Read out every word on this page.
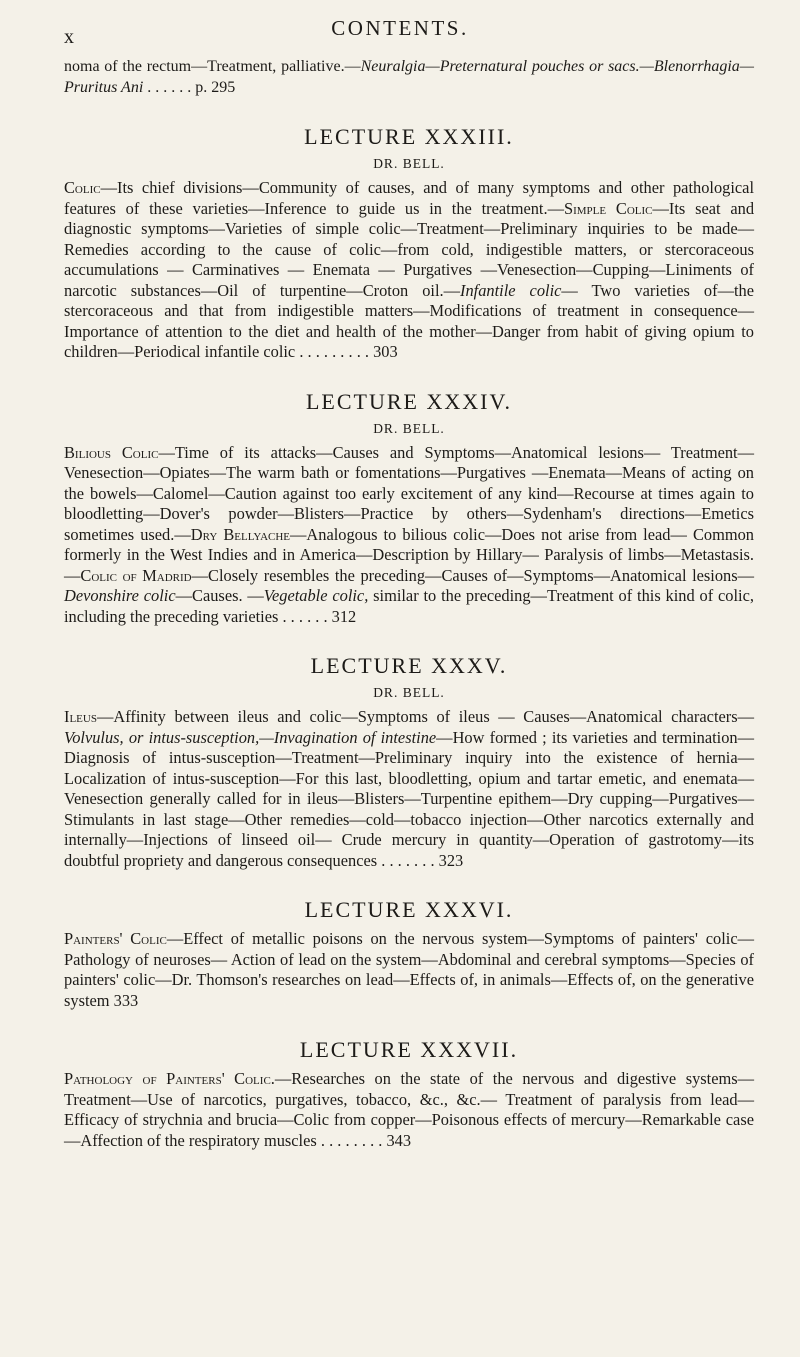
x	CONTENTS.

noma of the rectum—Treatment, palliative.—Neuralgia—Preternatural pouches or sacs.—Blenorrhagia—Pruritus Ani . . . . . . p. 295

LECTURE XXXIII.
DR. BELL.

Colic—Its chief divisions—Community of causes, and of many symptoms and other pathological features of these varieties—Inference to guide us in the treatment.—Simple Colic—Its seat and diagnostic symptoms—Varieties of simple colic—Treatment—Preliminary inquiries to be made—Remedies according to the cause of colic—from cold, indigestible matters, or stercoraceous accumulations — Carminatives — Enemata — Purgatives —Venesection—Cupping—Liniments of narcotic substances—Oil of turpentine—Croton oil.—Infantile colic— Two varieties of—the stercoraceous and that from indigestible matters—Modifications of treatment in consequence—Importance of attention to the diet and health of the mother—Danger from habit of giving opium to children—Periodical infantile colic . . . . . . . . . 303

LECTURE XXXIV.
DR. BELL.

Bilious Colic—Time of its attacks—Causes and Symptoms—Anatomical lesions— Treatment—Venesection—Opiates—The warm bath or fomentations—Purgatives —Enemata—Means of acting on the bowels—Calomel—Caution against too early excitement of any kind—Recourse at times again to bloodletting—Dover's powder—Blisters—Practice by others—Sydenham's directions—Emetics sometimes used.—Dry Bellyache—Analogous to bilious colic—Does not arise from lead— Common formerly in the West Indies and in America—Description by Hillary— Paralysis of limbs—Metastasis.—Colic of Madrid—Closely resembles the preceding—Causes of—Symptoms—Anatomical lesions—Devonshire colic—Causes. —Vegetable colic, similar to the preceding—Treatment of this kind of colic, including the preceding varieties . . . . . . 312

LECTURE XXXV.
DR. BELL.

Ileus—Affinity between ileus and colic—Symptoms of ileus — Causes—Anatomical characters—Volvulus, or intus-susception,—Invagination of intestine—How formed ; its varieties and termination—Diagnosis of intus-susception—Treatment—Preliminary inquiry into the existence of hernia—Localization of intus-susception—For this last, bloodletting, opium and tartar emetic, and enemata— Venesection generally called for in ileus—Blisters—Turpentine epithem—Dry cupping—Purgatives—Stimulants in last stage—Other remedies—cold—tobacco injection—Other narcotics externally and internally—Injections of linseed oil— Crude mercury in quantity—Operation of gastrotomy—its doubtful propriety and dangerous consequences . . . . . . . 323

LECTURE XXXVI.

Painters' Colic—Effect of metallic poisons on the nervous system—Symptoms of painters' colic—Pathology of neuroses— Action of lead on the system—Abdominal and cerebral symptoms—Species of painters' colic—Dr. Thomson's researches on lead—Effects of, in animals—Effects of, on the generative system 333

LECTURE XXXVII.

Pathology of Painters' Colic.—Researches on the state of the nervous and digestive systems—Treatment—Use of narcotics, purgatives, tobacco, &c., &c.— Treatment of paralysis from lead—Efficacy of strychnia and brucia—Colic from copper—Poisonous effects of mercury—Remarkable case—Affection of the respiratory muscles . . . . . . . . 343
